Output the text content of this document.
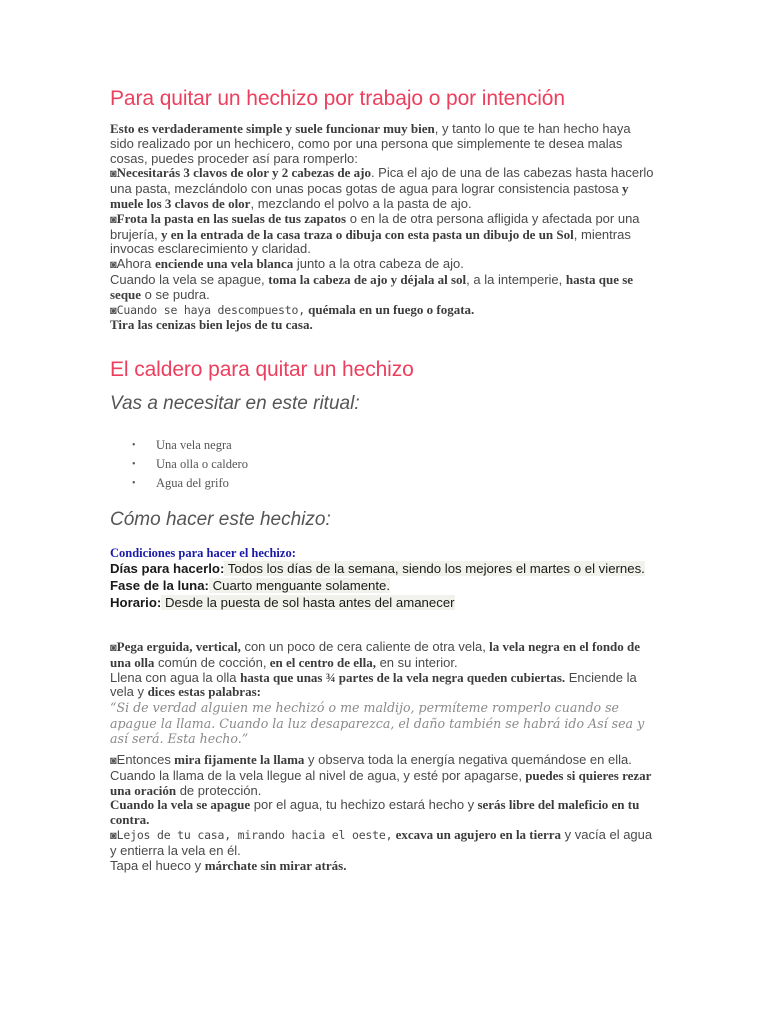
Para quitar un hechizo por trabajo o por intención
Esto es verdaderamente simple y suele funcionar muy bien, y tanto lo que te han hecho haya sido realizado por un hechicero, como por una persona que simplemente te desea malas cosas, puedes proceder así para romperlo:
◙Necesitarás 3 clavos de olor y 2 cabezas de ajo. Pica el ajo de una de las cabezas hasta hacerlo una pasta, mezclándolo con unas pocas gotas de agua para lograr consistencia pastosa y muele los 3 clavos de olor, mezclando el polvo a la pasta de ajo.
◙Frota la pasta en las suelas de tus zapatos o en la de otra persona afligida y afectada por una brujería, y en la entrada de la casa traza o dibuja con esta pasta un dibujo de un Sol, mientras invocas esclarecimiento y claridad.
◙Ahora enciende una vela blanca junto a la otra cabeza de ajo.
Cuando la vela se apague, toma la cabeza de ajo y déjala al sol, a la intemperie, hasta que se seque o se pudra.
◙Cuando se haya descompuesto, quémala en un fuego o fogata.
Tira las cenizas bien lejos de tu casa.
El caldero para quitar un hechizo
Vas a necesitar en este ritual:
• Una vela negra
• Una olla o caldero
• Agua del grifo
Cómo hacer este hechizo:
Condiciones para hacer el hechizo:
Días para hacerlo: Todos los días de la semana, siendo los mejores el martes o el viernes.
Fase de la luna: Cuarto menguante solamente.
Horario: Desde la puesta de sol hasta antes del amanecer
◙Pega erguida, vertical, con un poco de cera caliente de otra vela, la vela negra en el fondo de una olla común de cocción, en el centro de ella, en su interior.
Llena con agua la olla hasta que unas ¾ partes de la vela negra queden cubiertas. Enciende la vela y dices estas palabras:
“Si de verdad alguien me hechizó o me maldijo, permíteme romperlo cuando se apague la llama. Cuando la luz desaparezca, el daño también se habrá ido Así sea y así será. Esta hecho.”
◙Entonces mira fijamente la llama y observa toda la energía negativa quemándose en ella. Cuando la llama de la vela llegue al nivel de agua, y esté por apagarse, puedes si quieres rezar una oración de protección.
Cuando la vela se apague por el agua, tu hechizo estará hecho y serás libre del maleficio en tu contra.
◙Lejos de tu casa, mirando hacia el oeste, excava un agujero en la tierra y vacía el agua y entierra la vela en él.
Tapa el hueco y márchate sin mirar atrás.
